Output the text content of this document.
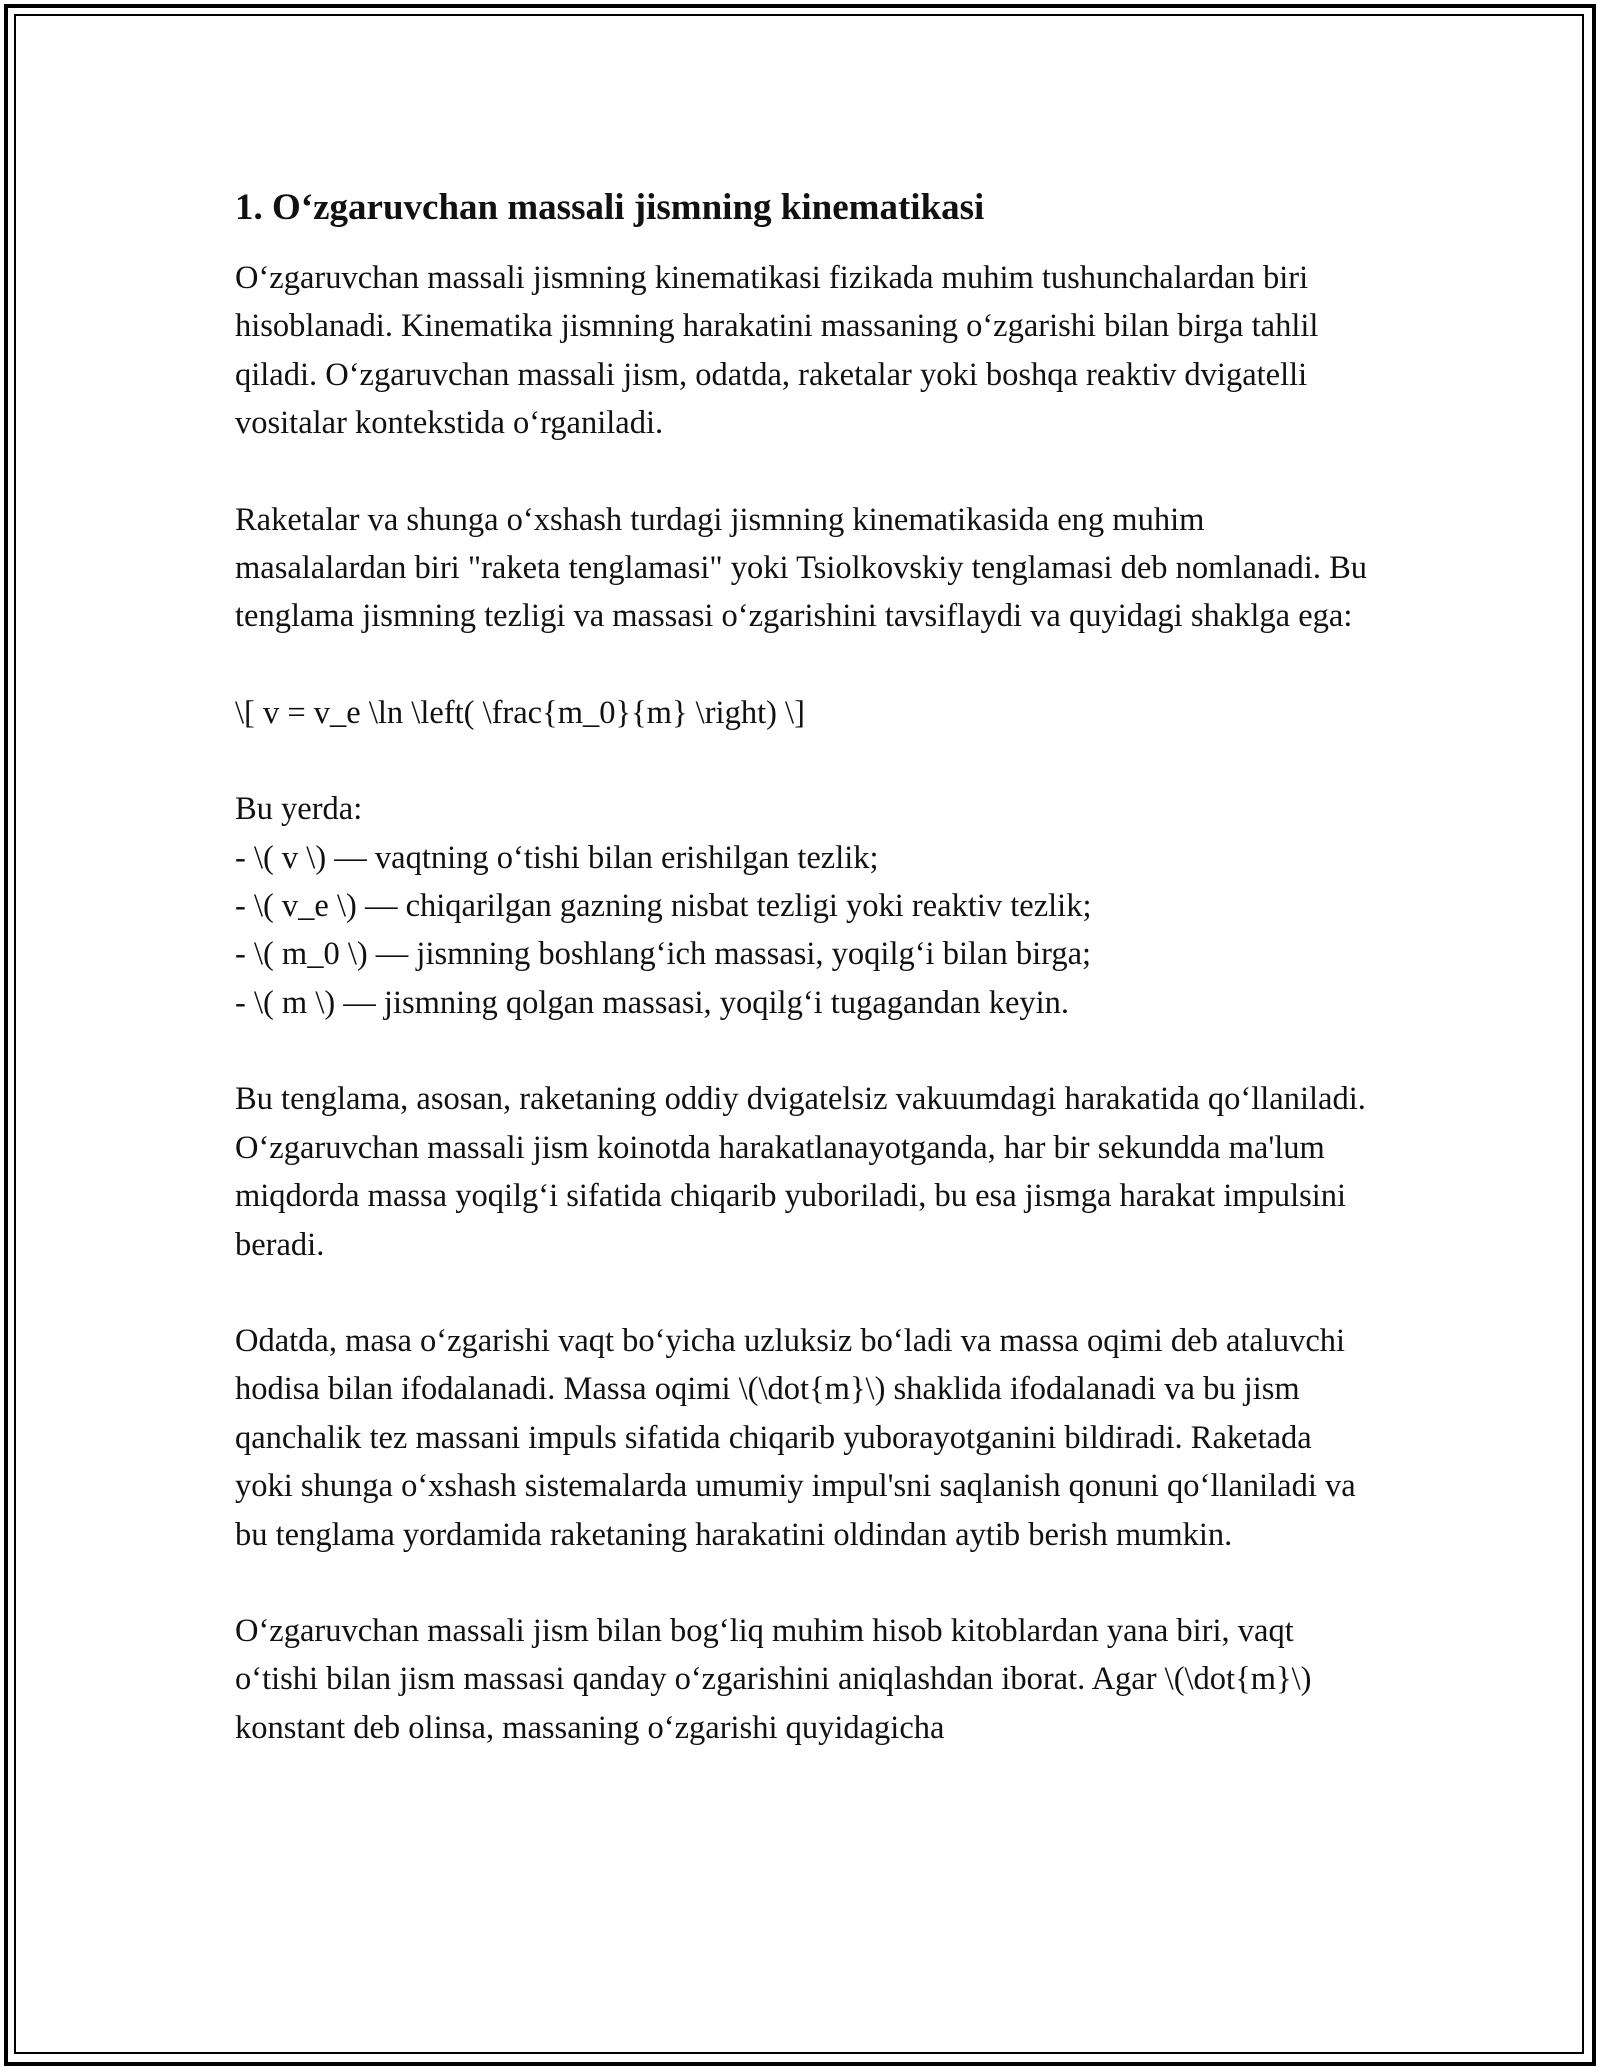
1. O‘zgaruvchan massali jismning kinematikasi

O‘zgaruvchan massali jismning kinematikasi fizikada muhim tushunchalardan biri hisoblanadi. Kinematika jismning harakatini massaning o‘zgarishi bilan birga tahlil qiladi. O‘zgaruvchan massali jism, odatda, raketalar yoki boshqa reaktiv dvigatelli vositalar kontekstida o‘rganiladi.

Raketalar va shunga o‘xshash turdagi jismning kinematikasida eng muhim masalalardan biri "raketa tenglamasi" yoki Tsiolkovskiy tenglamasi deb nomlanadi. Bu tenglama jismning tezligi va massasi o‘zgarishini tavsiflaydi va quyidagi shaklga ega:

\[ v = v_e \ln \left( \frac{m_0}{m} \right) \]

Bu yerda:

- \( v \) — vaqtning o‘tishi bilan erishilgan tezlik;

- \( v_e \) — chiqarilgan gazning nisbat tezligi yoki reaktiv tezlik;

- \( m_0 \) — jismning boshlang‘ich massasi, yoqilg‘i bilan birga;

- \( m \) — jismning qolgan massasi, yoqilg‘i tugagandan keyin.

Bu tenglama, asosan, raketaning oddiy dvigatelsiz vakuumdagi harakatida qo‘llaniladi. O‘zgaruvchan massali jism koinotda harakatlanayotganda, har bir sekundda ma'lum miqdorda massa yoqilg‘i sifatida chiqarib yuboriladi, bu esa jismga harakat impulsini beradi.

Odatda, masa o‘zgarishi vaqt bo‘yicha uzluksiz bo‘ladi va massa oqimi deb ataluvchi hodisa bilan ifodalanadi. Massa oqimi \(\dot{m}\) shaklida ifodalanadi va bu jism qanchalik tez massani impuls sifatida chiqarib yuborayotganini bildiradi. Raketada yoki shunga o‘xshash sistemalarda umumiy impul'sni saqlanish qonuni qo‘llaniladi va bu tenglama yordamida raketaning harakatini oldindan aytib berish mumkin.

O‘zgaruvchan massali jism bilan bog‘liq muhim hisob kitoblardan yana biri, vaqt o‘tishi bilan jism massasi qanday o‘zgarishini aniqlashdan iborat. Agar \(\dot{m}\) konstant deb olinsa, massaning o‘zgarishi quyidagicha
